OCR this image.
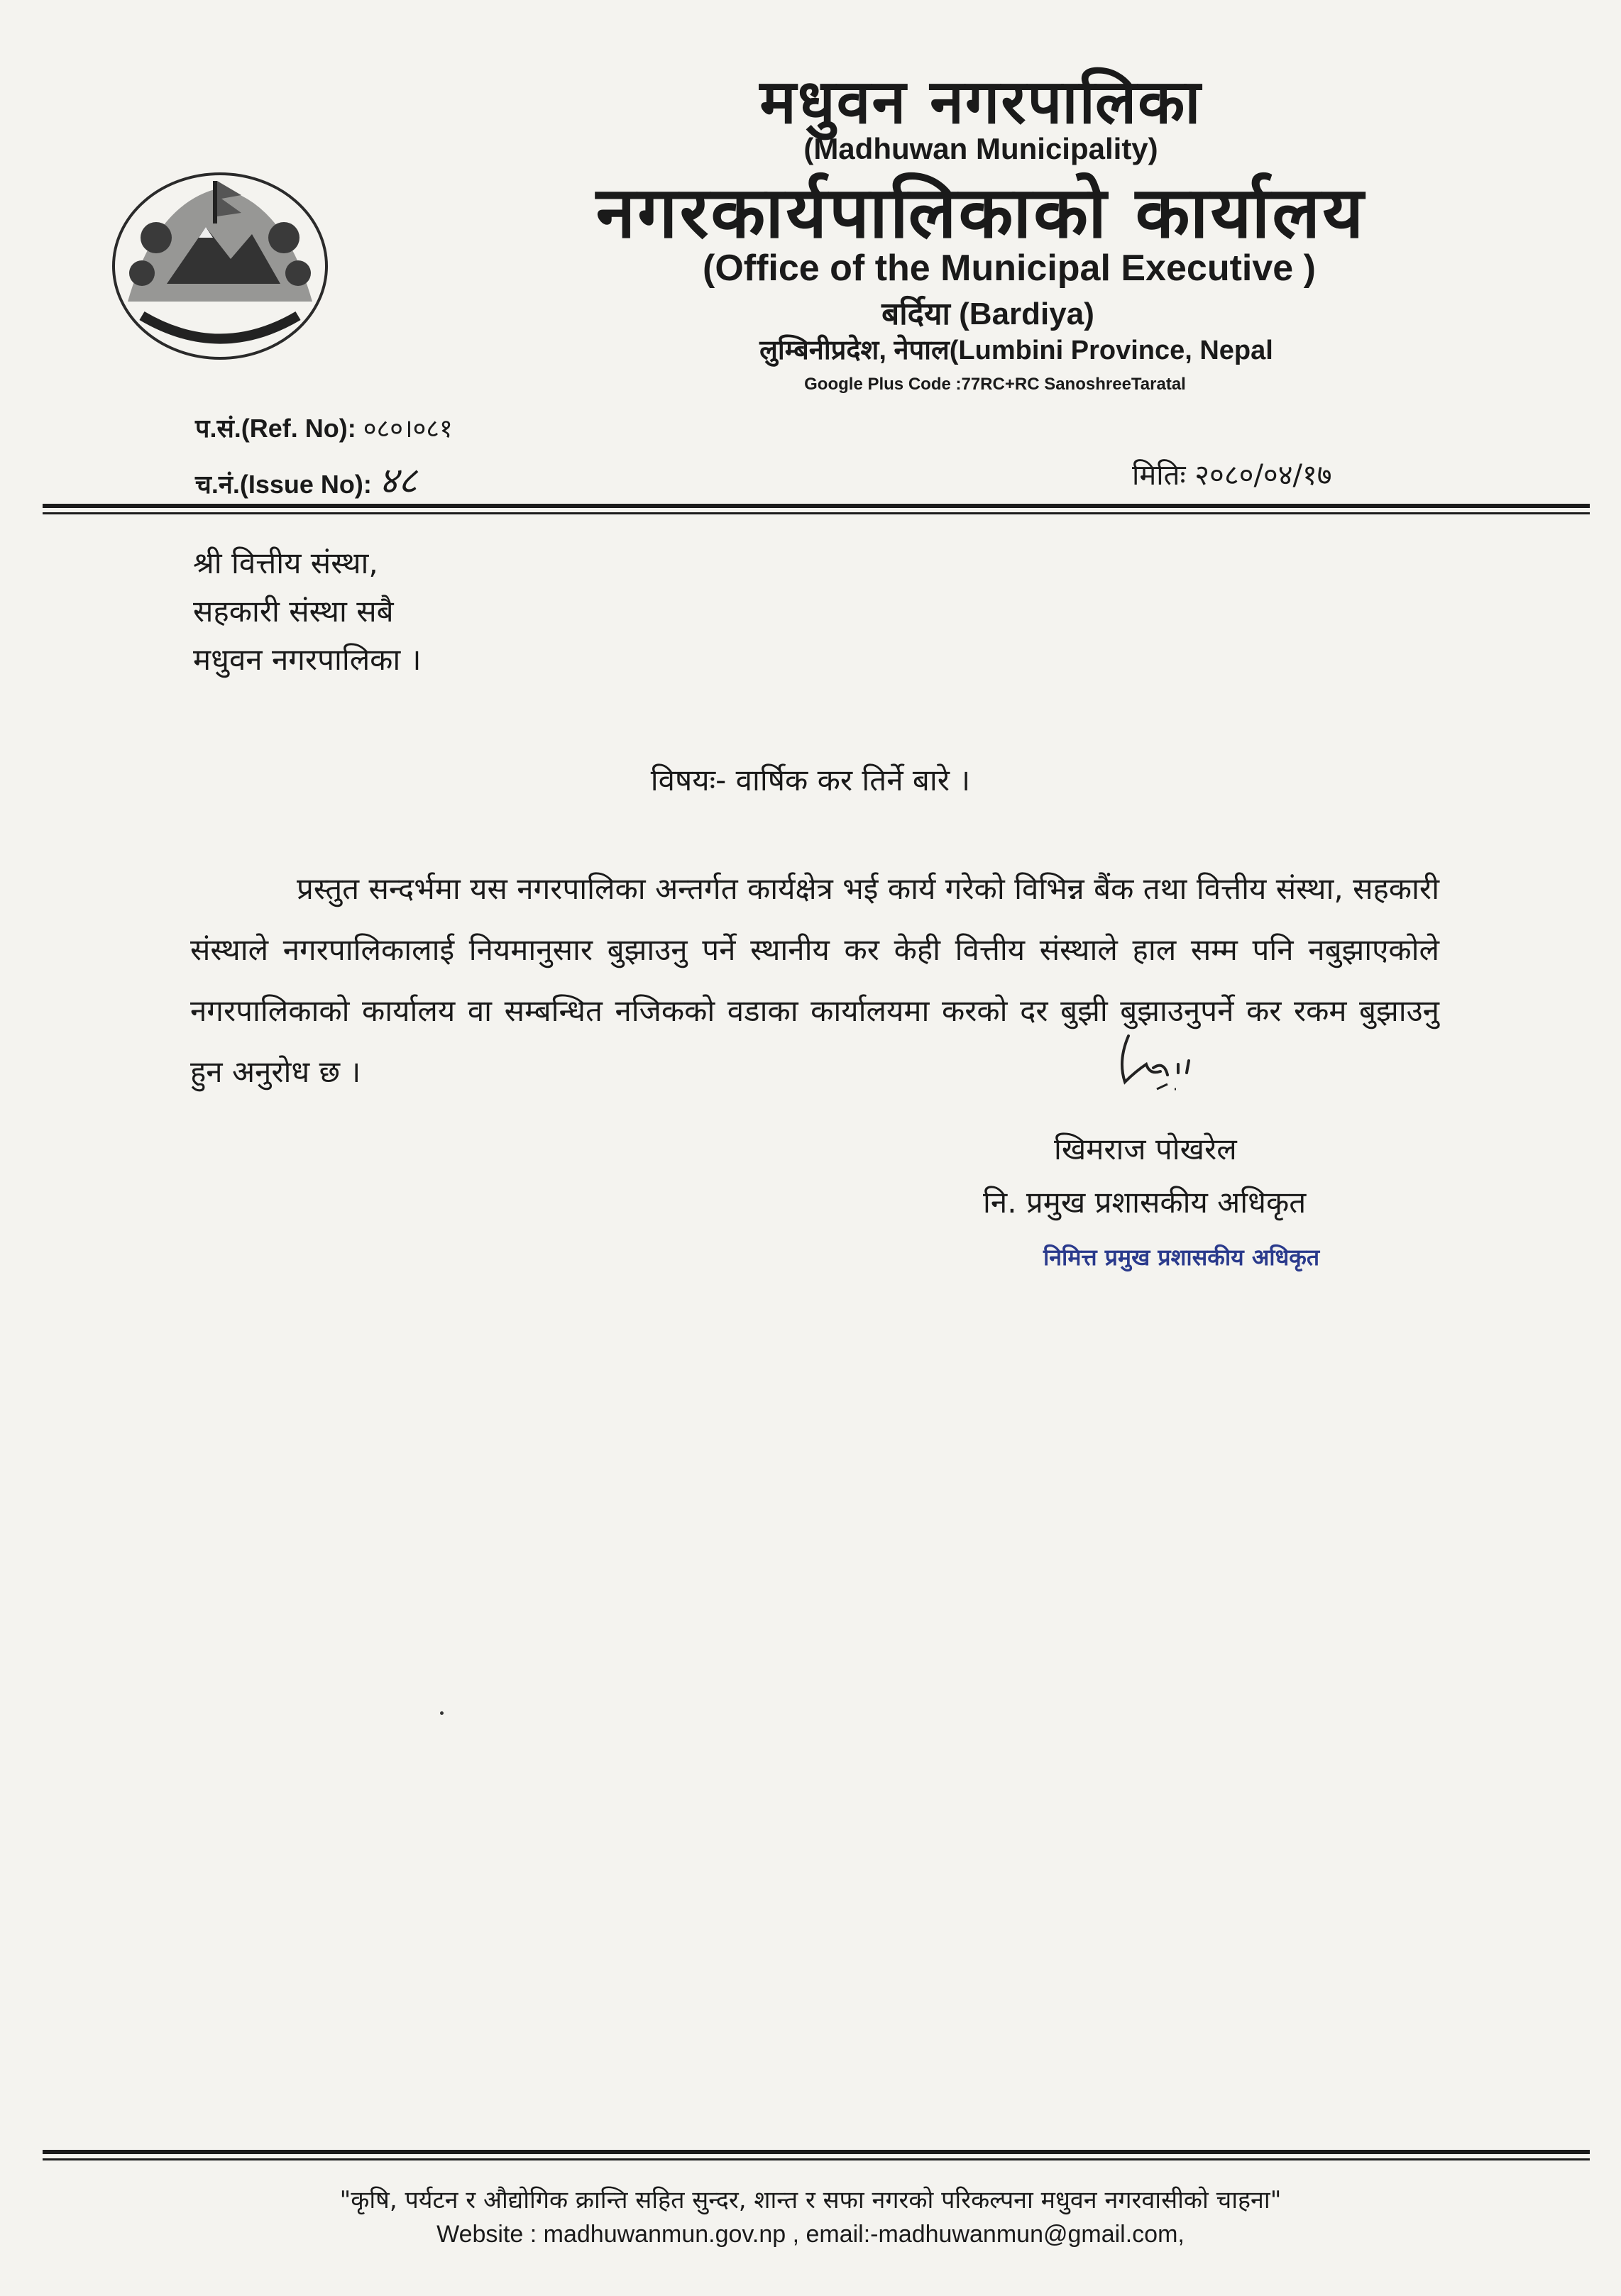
मधुवन नगरपालिका
(Madhuwan Municipality)
नगरकार्यपालिकाको कार्यालय
(Office of the Municipal Executive )
बर्दिया (Bardiya)
लुम्बिनीप्रदेश, नेपाल(Lumbini Province, Nepal
Google Plus Code :77RC+RC SanoshreeTaratal
प.सं.(Ref. No): ०८०।०८१
च.नं.(Issue No): ४८	मितिः २०८०/०४/१७
श्री वित्तीय संस्था,
सहकारी संस्था सबै
मधुवन नगरपालिका ।
विषयः- वार्षिक कर तिर्ने बारे ।
प्रस्तुत सन्दर्भमा यस नगरपालिका अन्तर्गत कार्यक्षेत्र भई कार्य गरेको विभिन्न बैंक तथा वित्तीय संस्था, सहकारी संस्थाले नगरपालिकालाई नियमानुसार बुझाउनु पर्ने स्थानीय कर केही वित्तीय संस्थाले हाल सम्म पनि नबुझाएकोले नगरपालिकाको कार्यालय वा सम्बन्धित नजिकको वडाका कार्यालयमा करको दर बुझी बुझाउनुपर्ने कर रकम बुझाउनु हुन अनुरोध छ ।
खिमराज पोखरेल
नि. प्रमुख प्रशासकीय अधिकृत
निमित्त प्रमुख प्रशासकीय अधिकृत
"कृषि, पर्यटन र औद्योगिक क्रान्ति सहित सुन्दर, शान्त र सफा नगरको परिकल्पना मधुवन नगरवासीको चाहना"
Website : madhuwanmun.gov.np , email:-madhuwanmun@gmail.com,
